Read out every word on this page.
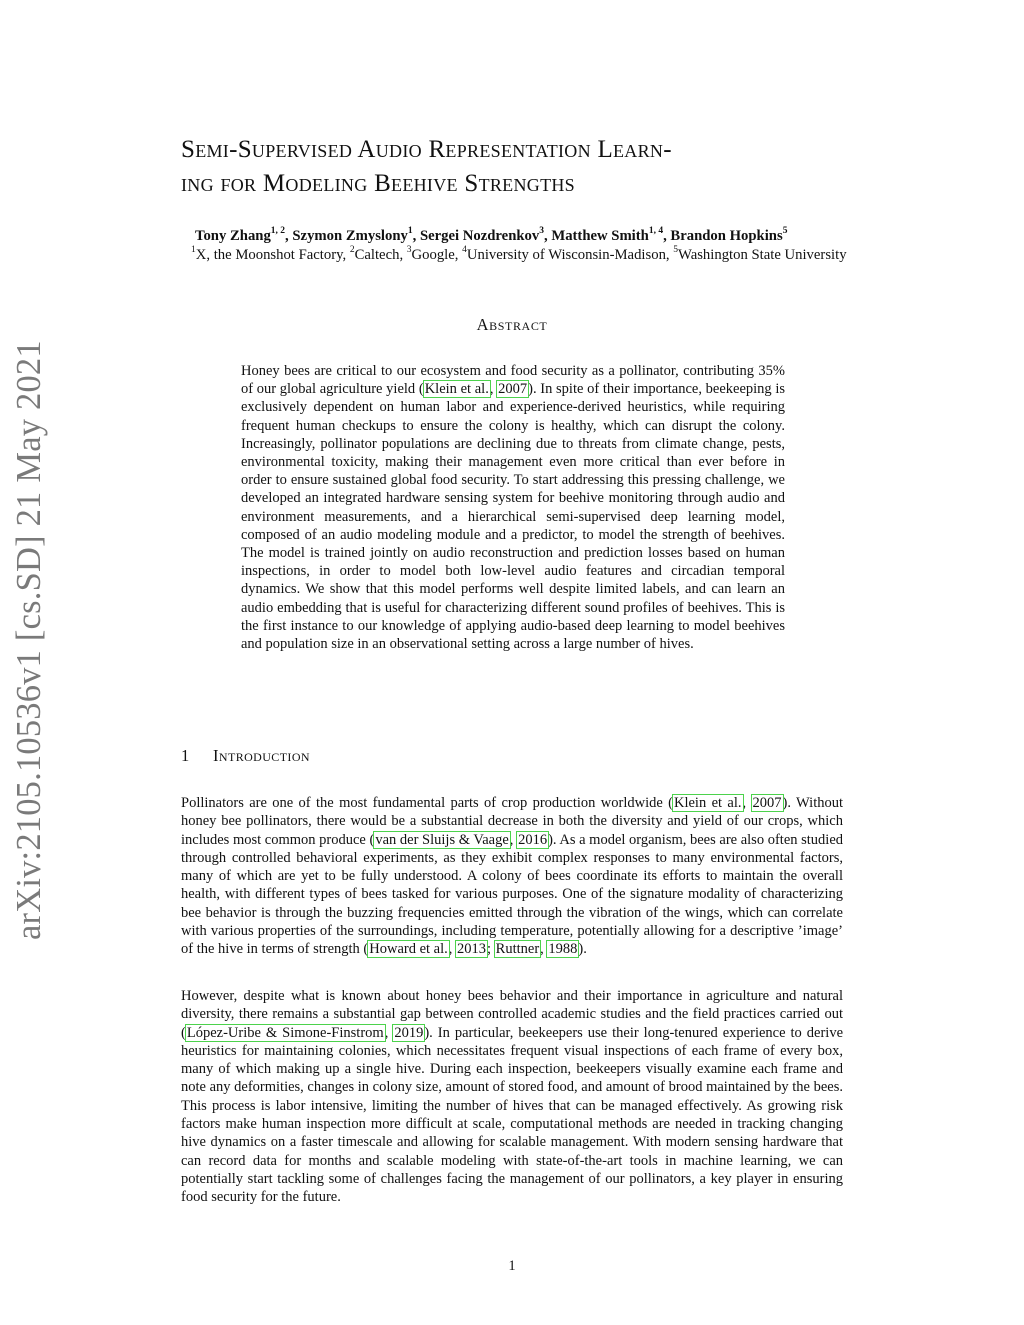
arXiv:2105.10536v1 [cs.SD] 21 May 2021
Semi-Supervised Audio Representation Learn-
ing for Modeling Beehive Strengths
Tony Zhang$^{1, 2}$, Szymon Zmyslony$^1$, Sergei Nozdrenkov$^3$, Matthew Smith$^{1, 4}$, Brandon Hopkins$^5$
$^1$X, the Moonshot Factory, $^2$Caltech, $^3$Google, $^4$University of Wisconsin-Madison, $^5$Washington State University
Abstract
Honey bees are critical to our ecosystem and food security as a pollinator, contributing 35% of our global agriculture yield (Klein et al., 2007). In spite of their importance, beekeeping is exclusively dependent on human labor and experience-derived heuristics, while requiring frequent human checkups to ensure the colony is healthy, which can disrupt the colony. Increasingly, pollinator populations are declining due to threats from climate change, pests, environmental toxicity, making their management even more critical than ever before in order to ensure sustained global food security. To start addressing this pressing challenge, we developed an integrated hardware sensing system for beehive monitoring through audio and environment measurements, and a hierarchical semi-supervised deep learning model, composed of an audio modeling module and a predictor, to model the strength of beehives. The model is trained jointly on audio reconstruction and prediction losses based on human inspections, in order to model both low-level audio features and circadian temporal dynamics. We show that this model performs well despite limited labels, and can learn an audio embedding that is useful for characterizing different sound profiles of beehives. This is the first instance to our knowledge of applying audio-based deep learning to model beehives and population size in an observational setting across a large number of hives.
1 Introduction
Pollinators are one of the most fundamental parts of crop production worldwide (Klein et al., 2007). Without honey bee pollinators, there would be a substantial decrease in both the diversity and yield of our crops, which includes most common produce (van der Sluijs & Vaage, 2016). As a model organism, bees are also often studied through controlled behavioral experiments, as they exhibit complex responses to many environmental factors, many of which are yet to be fully understood. A colony of bees coordinate its efforts to maintain the overall health, with different types of bees tasked for various purposes. One of the signature modality of characterizing bee behavior is through the buzzing frequencies emitted through the vibration of the wings, which can correlate with various properties of the surroundings, including temperature, potentially allowing for a descriptive ’image’ of the hive in terms of strength (Howard et al., 2013; Ruttner, 1988).
However, despite what is known about honey bees behavior and their importance in agriculture and natural diversity, there remains a substantial gap between controlled academic studies and the field practices carried out (López-Uribe & Simone-Finstrom, 2019). In particular, beekeepers use their long-tenured experience to derive heuristics for maintaining colonies, which necessitates frequent visual inspections of each frame of every box, many of which making up a single hive. During each inspection, beekeepers visually examine each frame and note any deformities, changes in colony size, amount of stored food, and amount of brood maintained by the bees. This process is labor intensive, limiting the number of hives that can be managed effectively. As growing risk factors make human inspection more difficult at scale, computational methods are needed in tracking changing hive dynamics on a faster timescale and allowing for scalable management. With modern sensing hardware that can record data for months and scalable modeling with state-of-the-art tools in machine learning, we can potentially start tackling some of challenges facing the management of our pollinators, a key player in ensuring food security for the future.
1
